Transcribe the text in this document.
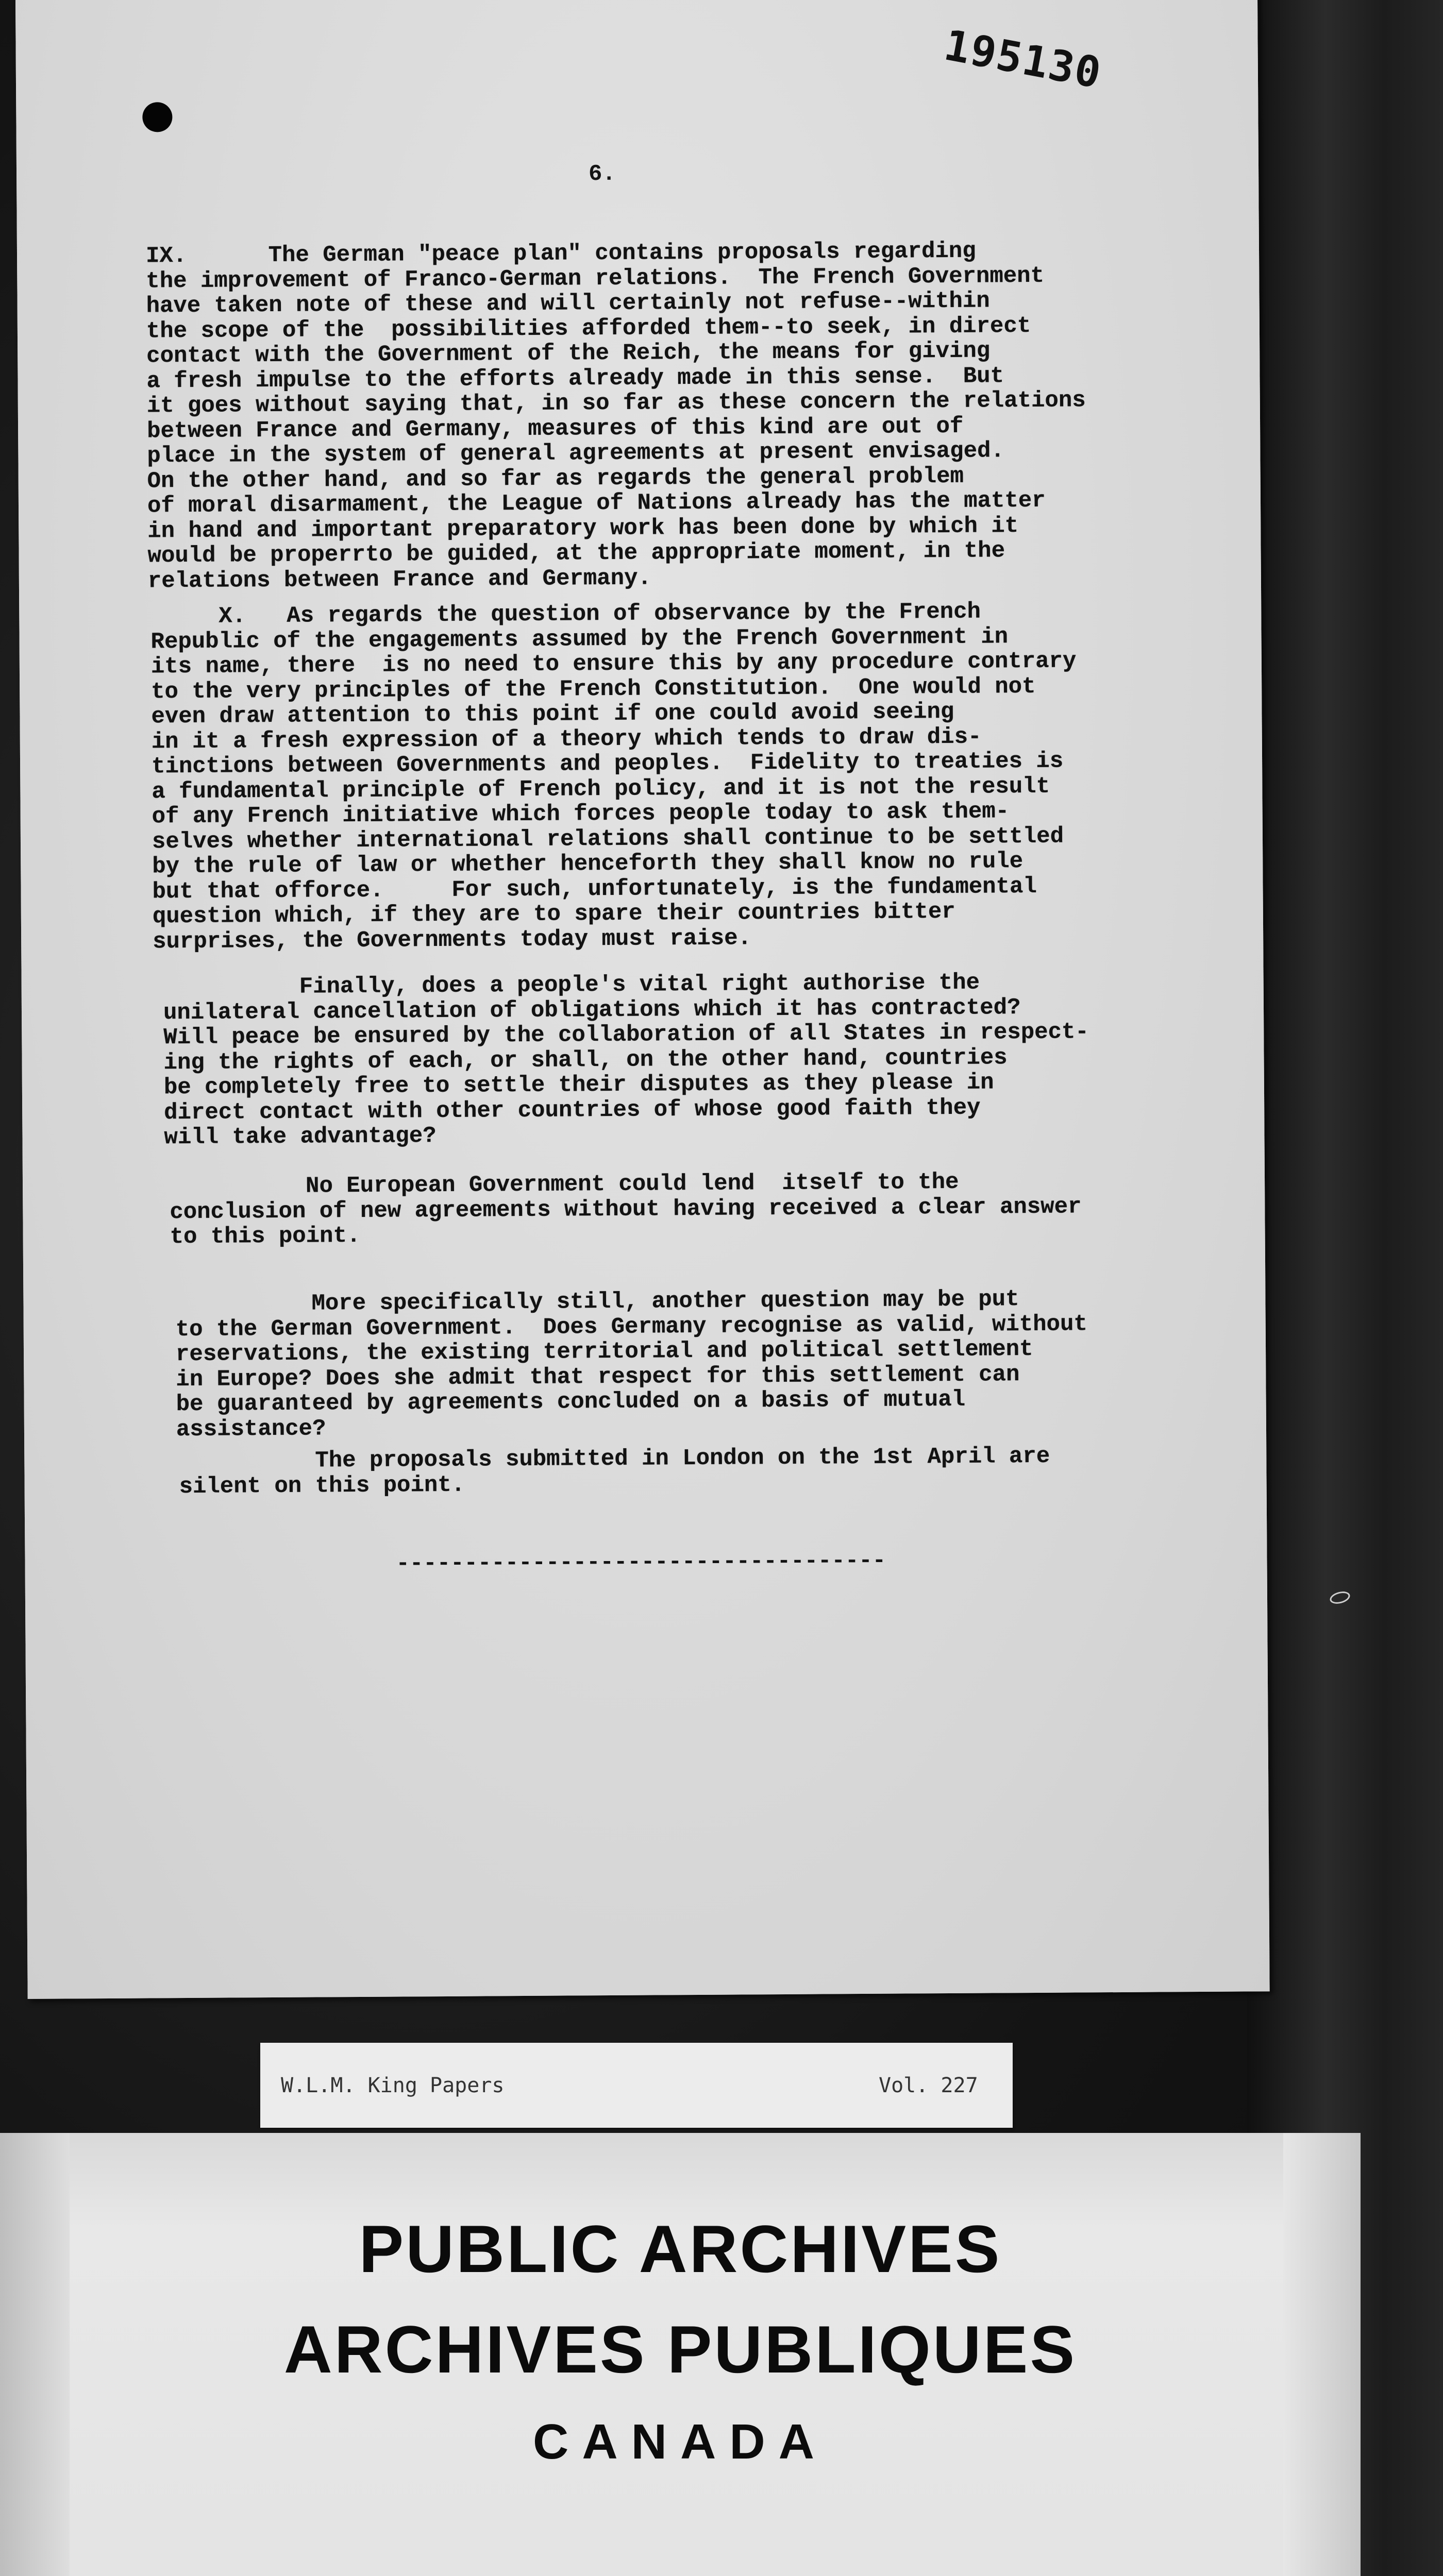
195130
6.

IX.      The German "peace plan" contains proposals regarding
the improvement of Franco-German relations.  The French Government
have taken note of these and will certainly not refuse--within
the scope of the  possibilities afforded them--to seek, in direct
contact with the Government of the Reich, the means for giving
a fresh impulse to the efforts already made in this sense.  But
it goes without saying that, in so far as these concern the relations
between France and Germany, measures of this kind are out of
place in the system of general agreements at present envisaged.
On the other hand, and so far as regards the general problem
of moral disarmament, the League of Nations already has the matter
in hand and important preparatory work has been done by which it
would be properrto be guided, at the appropriate moment, in the
relations between France and Germany.

X.   As regards the question of observance by the French
Republic of the engagements assumed by the French Government in
its name, there  is no need to ensure this by any procedure contrary
to the very principles of the French Constitution.  One would not
even draw attention to this point if one could avoid seeing
in it a fresh expression of a theory which tends to draw dis-
tinctions between Governments and peoples.  Fidelity to treaties is
a fundamental principle of French policy, and it is not the result
of any French initiative which forces people today to ask them-
selves whether international relations shall continue to be settled
by the rule of law or whether henceforth they shall know no rule
but that offorce.     For such, unfortunately, is the fundamental
question which, if they are to spare their countries bitter
surprises, the Governments today must raise.

Finally, does a people's vital right authorise the
unilateral cancellation of obligations which it has contracted?
Will peace be ensured by the collaboration of all States in respect-
ing the rights of each, or shall, on the other hand, countries
be completely free to settle their disputes as they please in
direct contact with other countries of whose good faith they
will take advantage?

No European Government could lend  itself to the
conclusion of new agreements without having received a clear answer
to this point.

More specifically still, another question may be put
to the German Government.  Does Germany recognise as valid, without
reservations, the existing territorial and political settlement
in Europe? Does she admit that respect for this settlement can
be guaranteed by agreements concluded on a basis of mutual
assistance?

The proposals submitted in London on the 1st April are
silent on this point.

------------------------------------
W.L.M. King Papers	Vol. 227

PUBLIC ARCHIVES

ARCHIVES PUBLIQUES

CANADA
